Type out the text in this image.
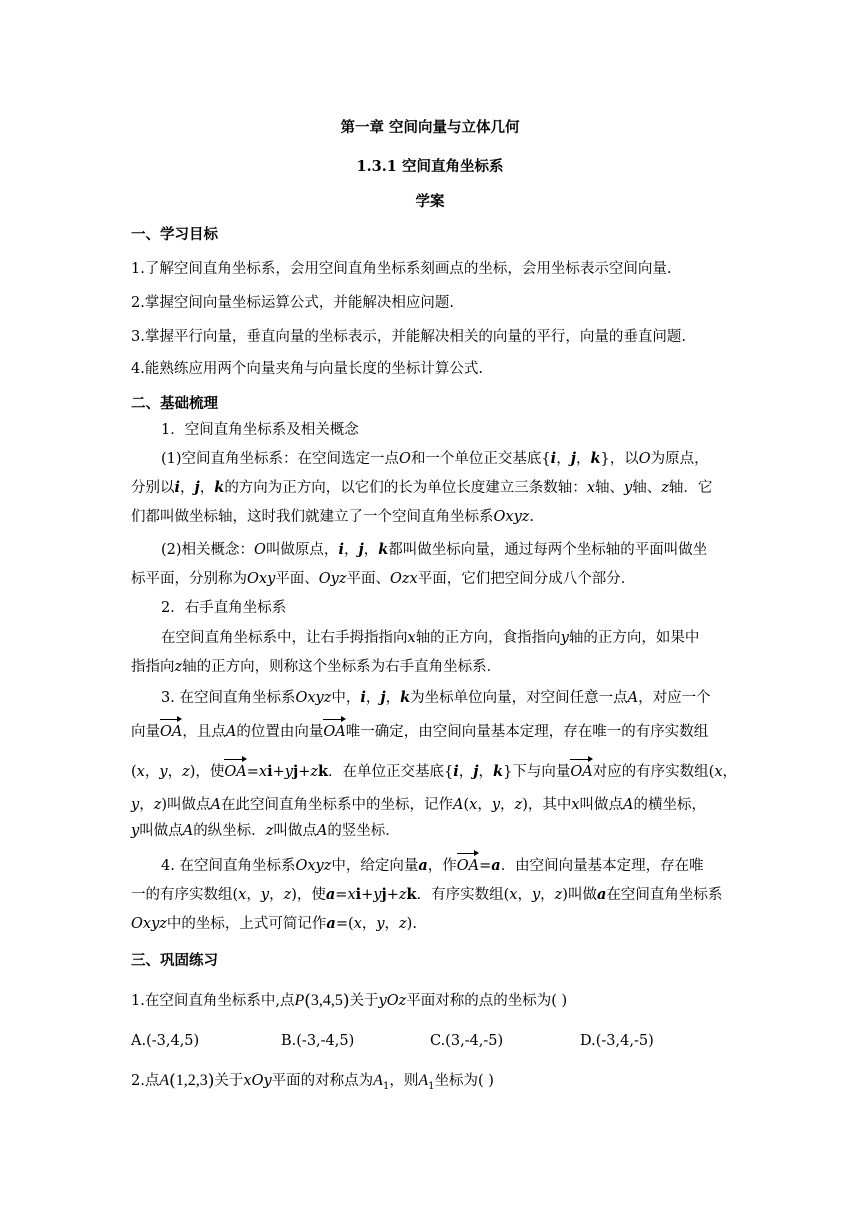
第一章 空间向量与立体几何
1.3.1 空间直角坐标系
学案
一、学习目标
1.了解空间直角坐标系，会用空间直角坐标系刻画点的坐标，会用坐标表示空间向量.
2.掌握空间向量坐标运算公式，并能解决相应问题.
3.掌握平行向量，垂直向量的坐标表示，并能解决相关的向量的平行，向量的垂直问题.
4.能熟练应用两个向量夹角与向量长度的坐标计算公式.
二、基础梳理
1．空间直角坐标系及相关概念
(1)空间直角坐标系：在空间选定一点O和一个单位正交基底{i，j，k}，以O为原点，
分别以i，j，k的方向为正方向，以它们的长为单位长度建立三条数轴：x轴、y轴、z轴．它
们都叫做坐标轴，这时我们就建立了一个空间直角坐标系Oxyz.
(2)相关概念：O叫做原点，i，j，k都叫做坐标向量，通过每两个坐标轴的平面叫做坐
标平面，分别称为Oxy平面、Oyz平面、Ozx平面，它们把空间分成八个部分．
2．右手直角坐标系
在空间直角坐标系中，让右手拇指指向x轴的正方向，食指指向y轴的正方向，如果中
指指向z轴的正方向，则称这个坐标系为右手直角坐标系．
3. 在空间直角坐标系Oxyz中，i，j，k为坐标单位向量，对空间任意一点A，对应一个
向量OA，且点A的位置由向量OA唯一确定，由空间向量基本定理，存在唯一的有序实数组
(x，y，z)，使OA=xi+yj+zk．在单位正交基底{i，j，k}下与向量OA对应的有序实数组(x，
y，z)叫做点A在此空间直角坐标系中的坐标，记作A(x，y，z)，其中x叫做点A的横坐标，
y叫做点A的纵坐标．z叫做点A的竖坐标．
4. 在空间直角坐标系Oxyz中，给定向量a，作OA=a．由空间向量基本定理，存在唯
一的有序实数组(x，y，z)，使a=xi+yj+zk．有序实数组(x，y，z)叫做a在空间直角坐标系
Oxyz中的坐标，上式可简记作a=(x，y，z).
三、巩固练习
1.在空间直角坐标系中,点P(3,4,5)关于yOz平面对称的点的坐标为( )
A.(-3,4,5)	B.(-3,-4,5)	C.(3,-4,-5)	D.(-3,4,-5)
2.点A(1,2,3)关于xOy平面的对称点为$A_1$，则$A_1$坐标为( )
